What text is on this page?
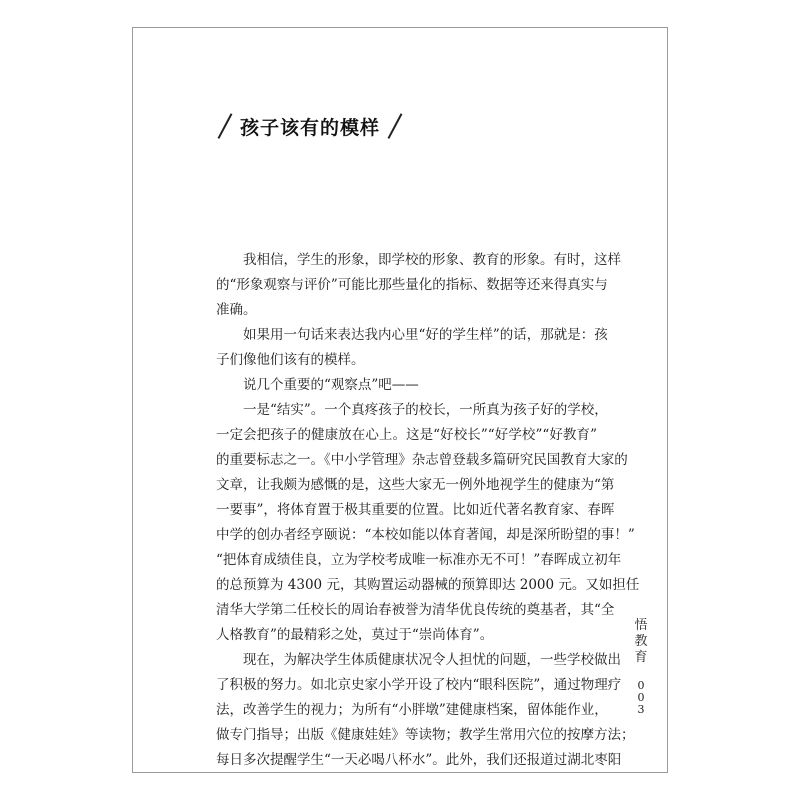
孩子该有的模样
我相信，学生的形象，即学校的形象、教育的形象。有时，这样
的“形象观察与评价”可能比那些量化的指标、数据等还来得真实与
准确。
如果用一句话来表达我内心里“好的学生样”的话，那就是：孩
子们像他们该有的模样。
说几个重要的“观察点”吧——
一是“结实”。一个真疼孩子的校长，一所真为孩子好的学校，
一定会把孩子的健康放在心上。这是“好校长”“好学校”“好教育”
的重要标志之一。《中小学管理》杂志曾登载多篇研究民国教育大家的
文章，让我颇为感慨的是，这些大家无一例外地视学生的健康为“第
一要事”，将体育置于极其重要的位置。比如近代著名教育家、春晖
中学的创办者经亨颐说：“本校如能以体育著闻，却是深所盼望的事！”
“把体育成绩佳良，立为学校考成唯一标准亦无不可！”春晖成立初年
的总预算为 4300 元，其购置运动器械的预算即达 2000 元。又如担任
清华大学第二任校长的周诒春被誉为清华优良传统的奠基者，其“全
人格教育”的最精彩之处，莫过于“崇尚体育”。
现在，为解决学生体质健康状况令人担忧的问题，一些学校做出
了积极的努力。如北京史家小学开设了校内“眼科医院”，通过物理疗
法，改善学生的视力；为所有“小胖墩”建健康档案，留体能作业，
做专门指导；出版《健康娃娃》等读物；教学生常用穴位的按摩方法；
每日多次提醒学生“一天必喝八杯水”。此外，我们还报道过湖北枣阳
悟
教
育
0
0
3
